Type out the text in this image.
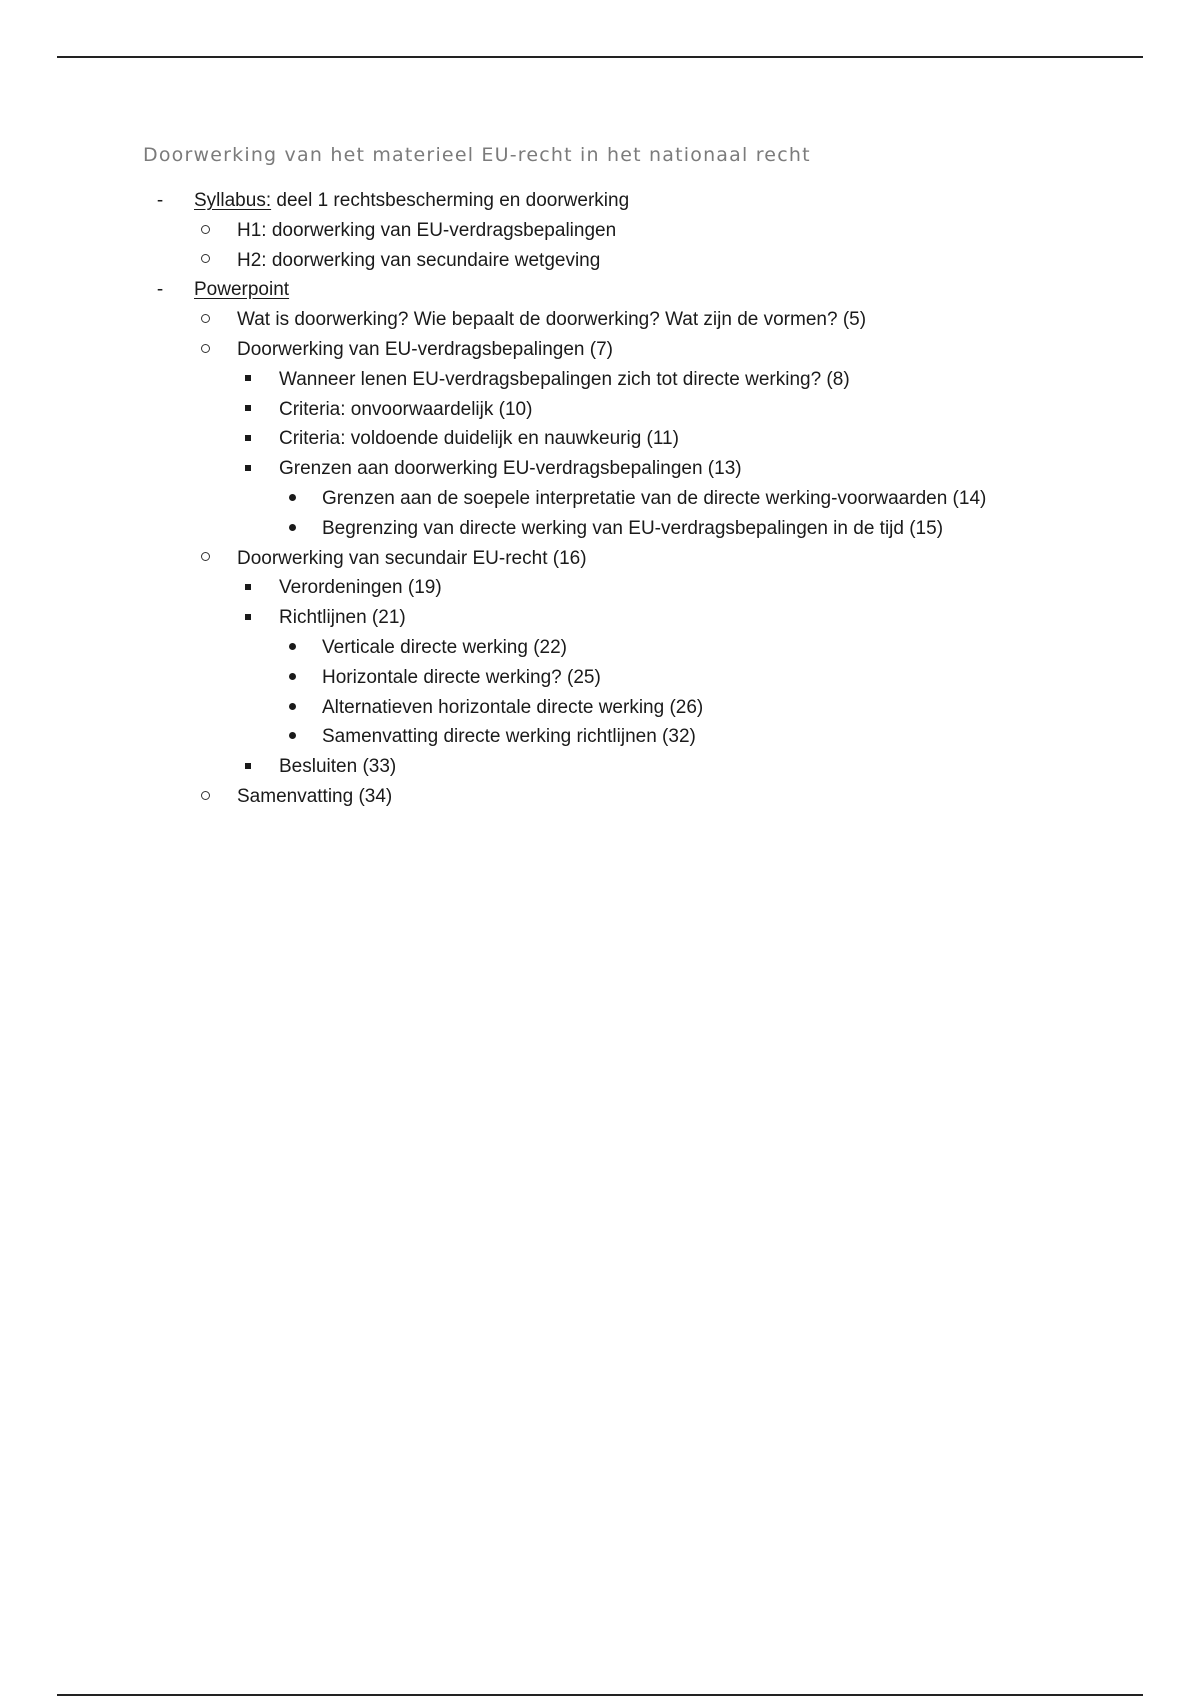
Doorwerking van het materieel EU-recht in het nationaal recht
-	Syllabus: deel 1 rechtsbescherming en doorwerking
H1: doorwerking van EU-verdragsbepalingen
H2: doorwerking van secundaire wetgeving
-	Powerpoint
Wat is doorwerking? Wie bepaalt de doorwerking? Wat zijn de vormen? (5)
Doorwerking van EU-verdragsbepalingen (7)
Wanneer lenen EU-verdragsbepalingen zich tot directe werking? (8)
Criteria: onvoorwaardelijk (10)
Criteria: voldoende duidelijk en nauwkeurig (11)
Grenzen aan doorwerking EU-verdragsbepalingen (13)
Grenzen aan de soepele interpretatie van de directe werking-voorwaarden (14)
Begrenzing van directe werking van EU-verdragsbepalingen in de tijd (15)
Doorwerking van secundair EU-recht (16)
Verordeningen (19)
Richtlijnen (21)
Verticale directe werking (22)
Horizontale directe werking? (25)
Alternatieven horizontale directe werking (26)
Samenvatting directe werking richtlijnen (32)
Besluiten (33)
Samenvatting (34)
